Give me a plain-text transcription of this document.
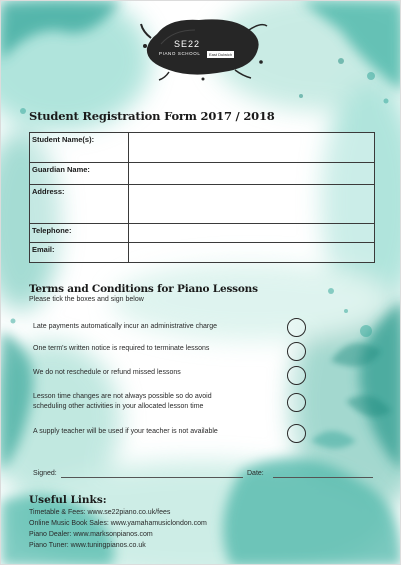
SE22
PIANO SCHOOL	East Dulwich
Student Registration Form 2017 / 2018
Student Name(s):	
Guardian Name:	
Address:	
Telephone:	
Email:	
Terms and Conditions for Piano Lessons
Please tick the boxes and sign below
Late payments automatically incur an administrative charge
One term's written notice is required to terminate lessons
We do not reschedule or refund missed lessons
Lesson time changes are not always possible so do avoid
scheduling other activities in your allocated lesson time
A supply teacher will be used if your teacher is not available
Signed:	Date:
Useful Links:
Timetable & Fees: www.se22piano.co.uk/fees
Online Music Book Sales: www.yamahamusiclondon.com
Piano Dealer: www.marksonpianos.com
Piano Tuner: www.tuningpianos.co.uk
